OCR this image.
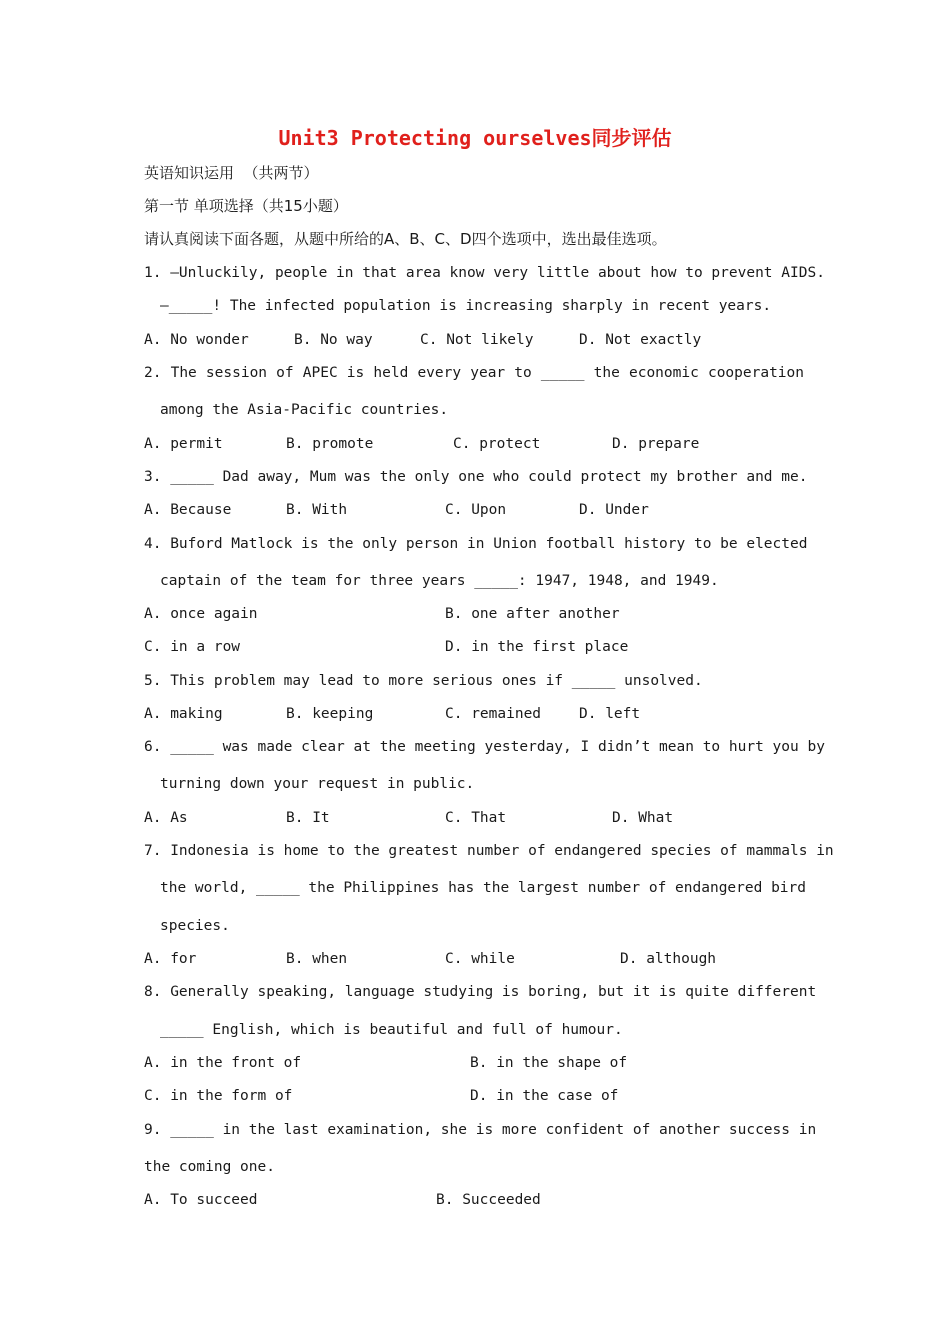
Unit3 Protecting ourselves同步评估
英语知识运用  （共两节）
第一节 单项选择（共15小题）
请认真阅读下面各题，从题中所给的A、B、C、D四个选项中，选出最佳选项。
1. —Unluckily, people in that area know very little about how to prevent AIDS.
—_____! The infected population is increasing sharply in recent years.
A. No wonder	B. No way	C. Not likely	D. Not exactly
2. The session of APEC is held every year to _____ the economic cooperation
among the Asia-Pacific countries.
A. permit	B. promote	C. protect	D. prepare
3. _____ Dad away, Mum was the only one who could protect my brother and me.
A. Because	B. With	C. Upon	D. Under
4. Buford Matlock is the only person in Union football history to be elected
captain of the team for three years _____: 1947, 1948, and 1949.
A. once again	B. one after another
C. in a row	D. in the first place
5. This problem may lead to more serious ones if _____ unsolved.
A. making	B. keeping	C. remained	D. left
6. _____ was made clear at the meeting yesterday, I didn’t mean to hurt you by
turning down your request in public.
A. As	B. It	C. That	D. What
7. Indonesia is home to the greatest number of endangered species of mammals in
the world, _____ the Philippines has the largest number of endangered bird
species.
A. for	B. when	C. while	D. although
8. Generally speaking, language studying is boring, but it is quite different
_____ English, which is beautiful and full of humour.
A. in the front of	B. in the shape of
C. in the form of	D. in the case of
9. _____ in the last examination, she is more confident of another success in
the coming one.
A. To succeed	B. Succeeded
